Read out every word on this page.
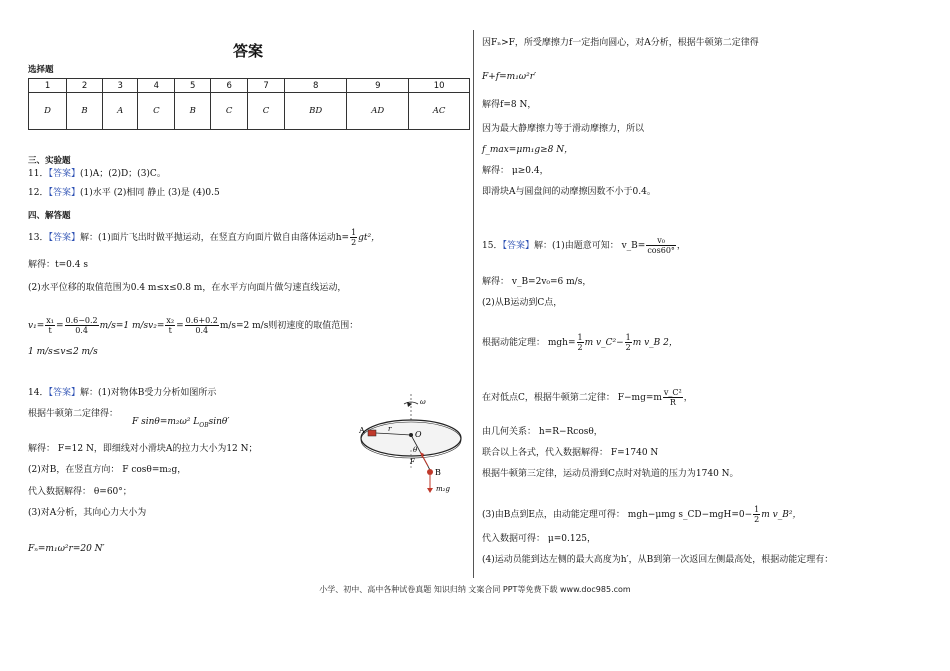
答案
选择题
1	2	3	4	5	6	7	8	9	10
D	B	A	C	B	C	C	BD	AD	AC
三、实验题
11．【答案】(1)A；(2)D；(3)C。
12．【答案】(1)水平 (2)相同 静止 (3)是 (4)0.5
四、解答题
13．【答案】解：(1)面片飞出时做平抛运动，在竖直方向面片做自由落体运动$h= \frac{1}{2} gt^2$，
解得：t=0.4 s
(2)水平位移的取值范围为0.4 m≤x≤0.8 m，在水平方向面片做匀速直线运动，
$v_1= \frac{\text{x₁}}{t} = \frac{0.6-0.2}{0.4} m/s=1$ $m/sv_2= \frac{\text{x₂}}{t} = \frac{0.6+0.2}{0.4} m/s=2$ m/s则初速度的取值范围：
1 m/s≤v≤2 m/s
14．【答案】解：(1)对物体B受力分析如图所示
根据牛顿第二定律得：
F sinθ=m₂ω² $L_{OB}\sin\theta'$
解得： F=12 N，即细线对小滑块A的拉力大小为12 N；
(2)对B，在竖直方向： F cosθ=m₂g，
代入数据解得： θ=60°；
(3)对A分析，其向心力大小为
Fₙ=m₁ω²r=20 N′
ω
A	r
O
θ
F
B
m₂g
因Fₙ>F，所受摩擦力f一定指向圆心，对A分析，根据牛顿第二定律得
F+f=m₁ω²r′
解得f=8 N，
因为最大静摩擦力等于滑动摩擦力，所以
f_max=μm₁g≥8 N，
解得： μ≥0.4，
即滑块A与圆盘间的动摩擦因数不小于0.4。
15．【答案】解：(1)由题意可知： v_B= $\frac{\text{v₀}}{\cos 60^\circ}$ ，
解得： v_B=2v₀=6 m/s，
(2)从B运动到C点，
根据动能定理： $mgh= \frac{1}{2}$ m v_C²− $\frac{1}{2}$ m v_B 2，
在对低点C，根据牛顿第二定律： $F-mg=m \frac{\text{v\_C²}}{R}$ ，
由几何关系： h=R−Rcosθ，
联合以上各式，代入数据解得： F=1740 N
根据牛顿第三定律，运动员滑到C点时对轨道的压力为1740 N。
(3)由B点到E点，由动能定理可得： mgh−μmg s_CD−mgH=0− $\frac{1}{2}$ m v_B²，
代入数据可得： μ=0.125，
(4)运动员能到达左侧的最大高度为h′，从B到第一次返回左侧最高处，根据动能定理有：
小学、初中、高中各种试卷真题 知识归纳 文案合同 PPT等免费下载 www.doc985.com
